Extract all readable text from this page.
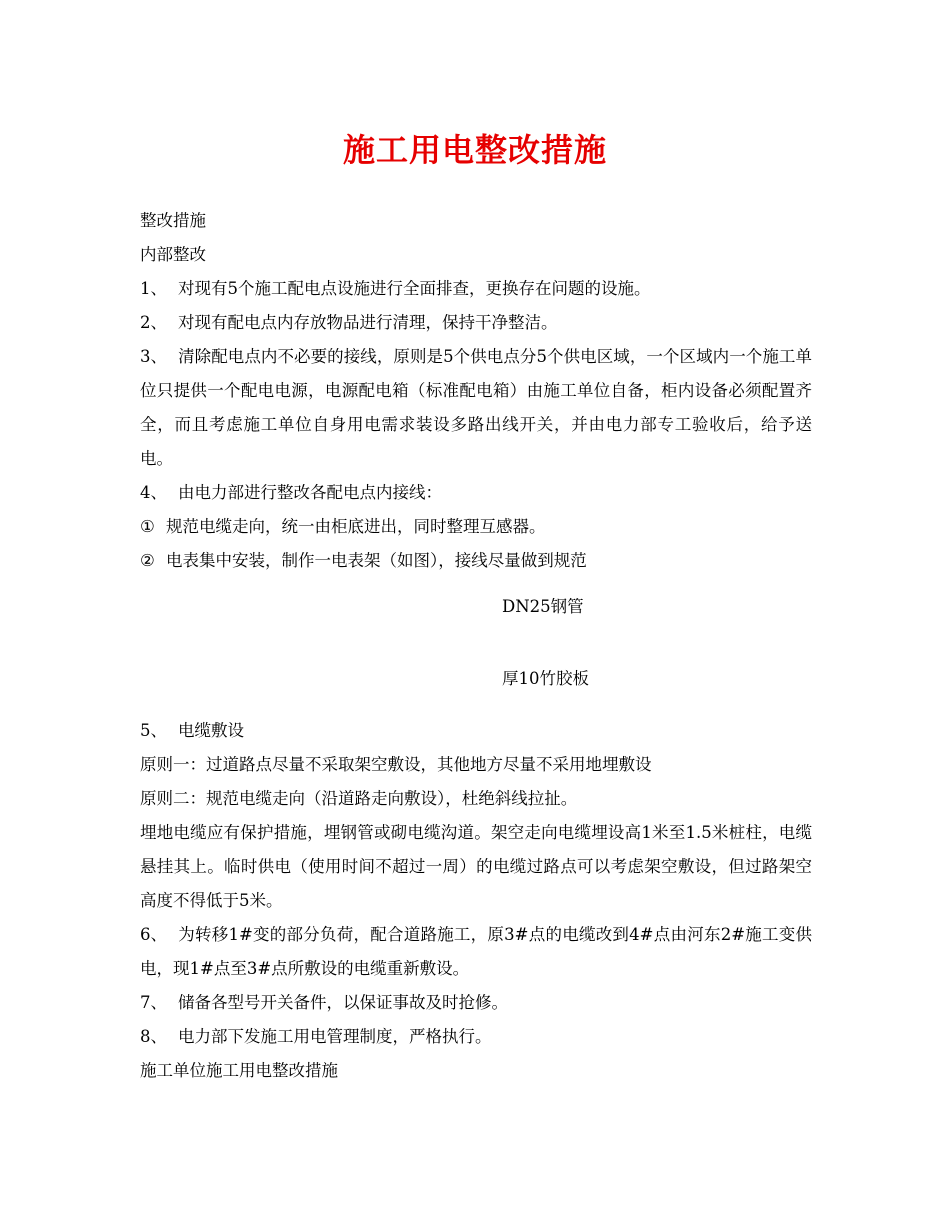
施工用电整改措施
整改措施
内部整改
1、 对现有5个施工配电点设施进行全面排查，更换存在问题的设施。
2、 对现有配电点内存放物品进行清理，保持干净整洁。
3、 清除配电点内不必要的接线，原则是5个供电点分5个供电区域，一个区域内一个施工单位只提供一个配电电源，电源配电箱（标准配电箱）由施工单位自备，柜内设备必须配置齐全，而且考虑施工单位自身用电需求装设多路出线开关，并由电力部专工验收后，给予送电。
4、 由电力部进行整改各配电点内接线：
① 规范电缆走向，统一由柜底进出，同时整理互感器。
② 电表集中安装，制作一电表架（如图），接线尽量做到规范
DN25钢管
厚10竹胶板
5、 电缆敷设
原则一：过道路点尽量不采取架空敷设，其他地方尽量不采用地埋敷设
原则二：规范电缆走向（沿道路走向敷设），杜绝斜线拉扯。
埋地电缆应有保护措施，埋钢管或砌电缆沟道。架空走向电缆埋设高1米至1.5米桩柱，电缆悬挂其上。临时供电（使用时间不超过一周）的电缆过路点可以考虑架空敷设，但过路架空高度不得低于5米。
6、 为转移1#变的部分负荷，配合道路施工，原3#点的电缆改到4#点由河东2#施工变供电，现1#点至3#点所敷设的电缆重新敷设。
7、 储备各型号开关备件，以保证事故及时抢修。
8、 电力部下发施工用电管理制度，严格执行。
施工单位施工用电整改措施
